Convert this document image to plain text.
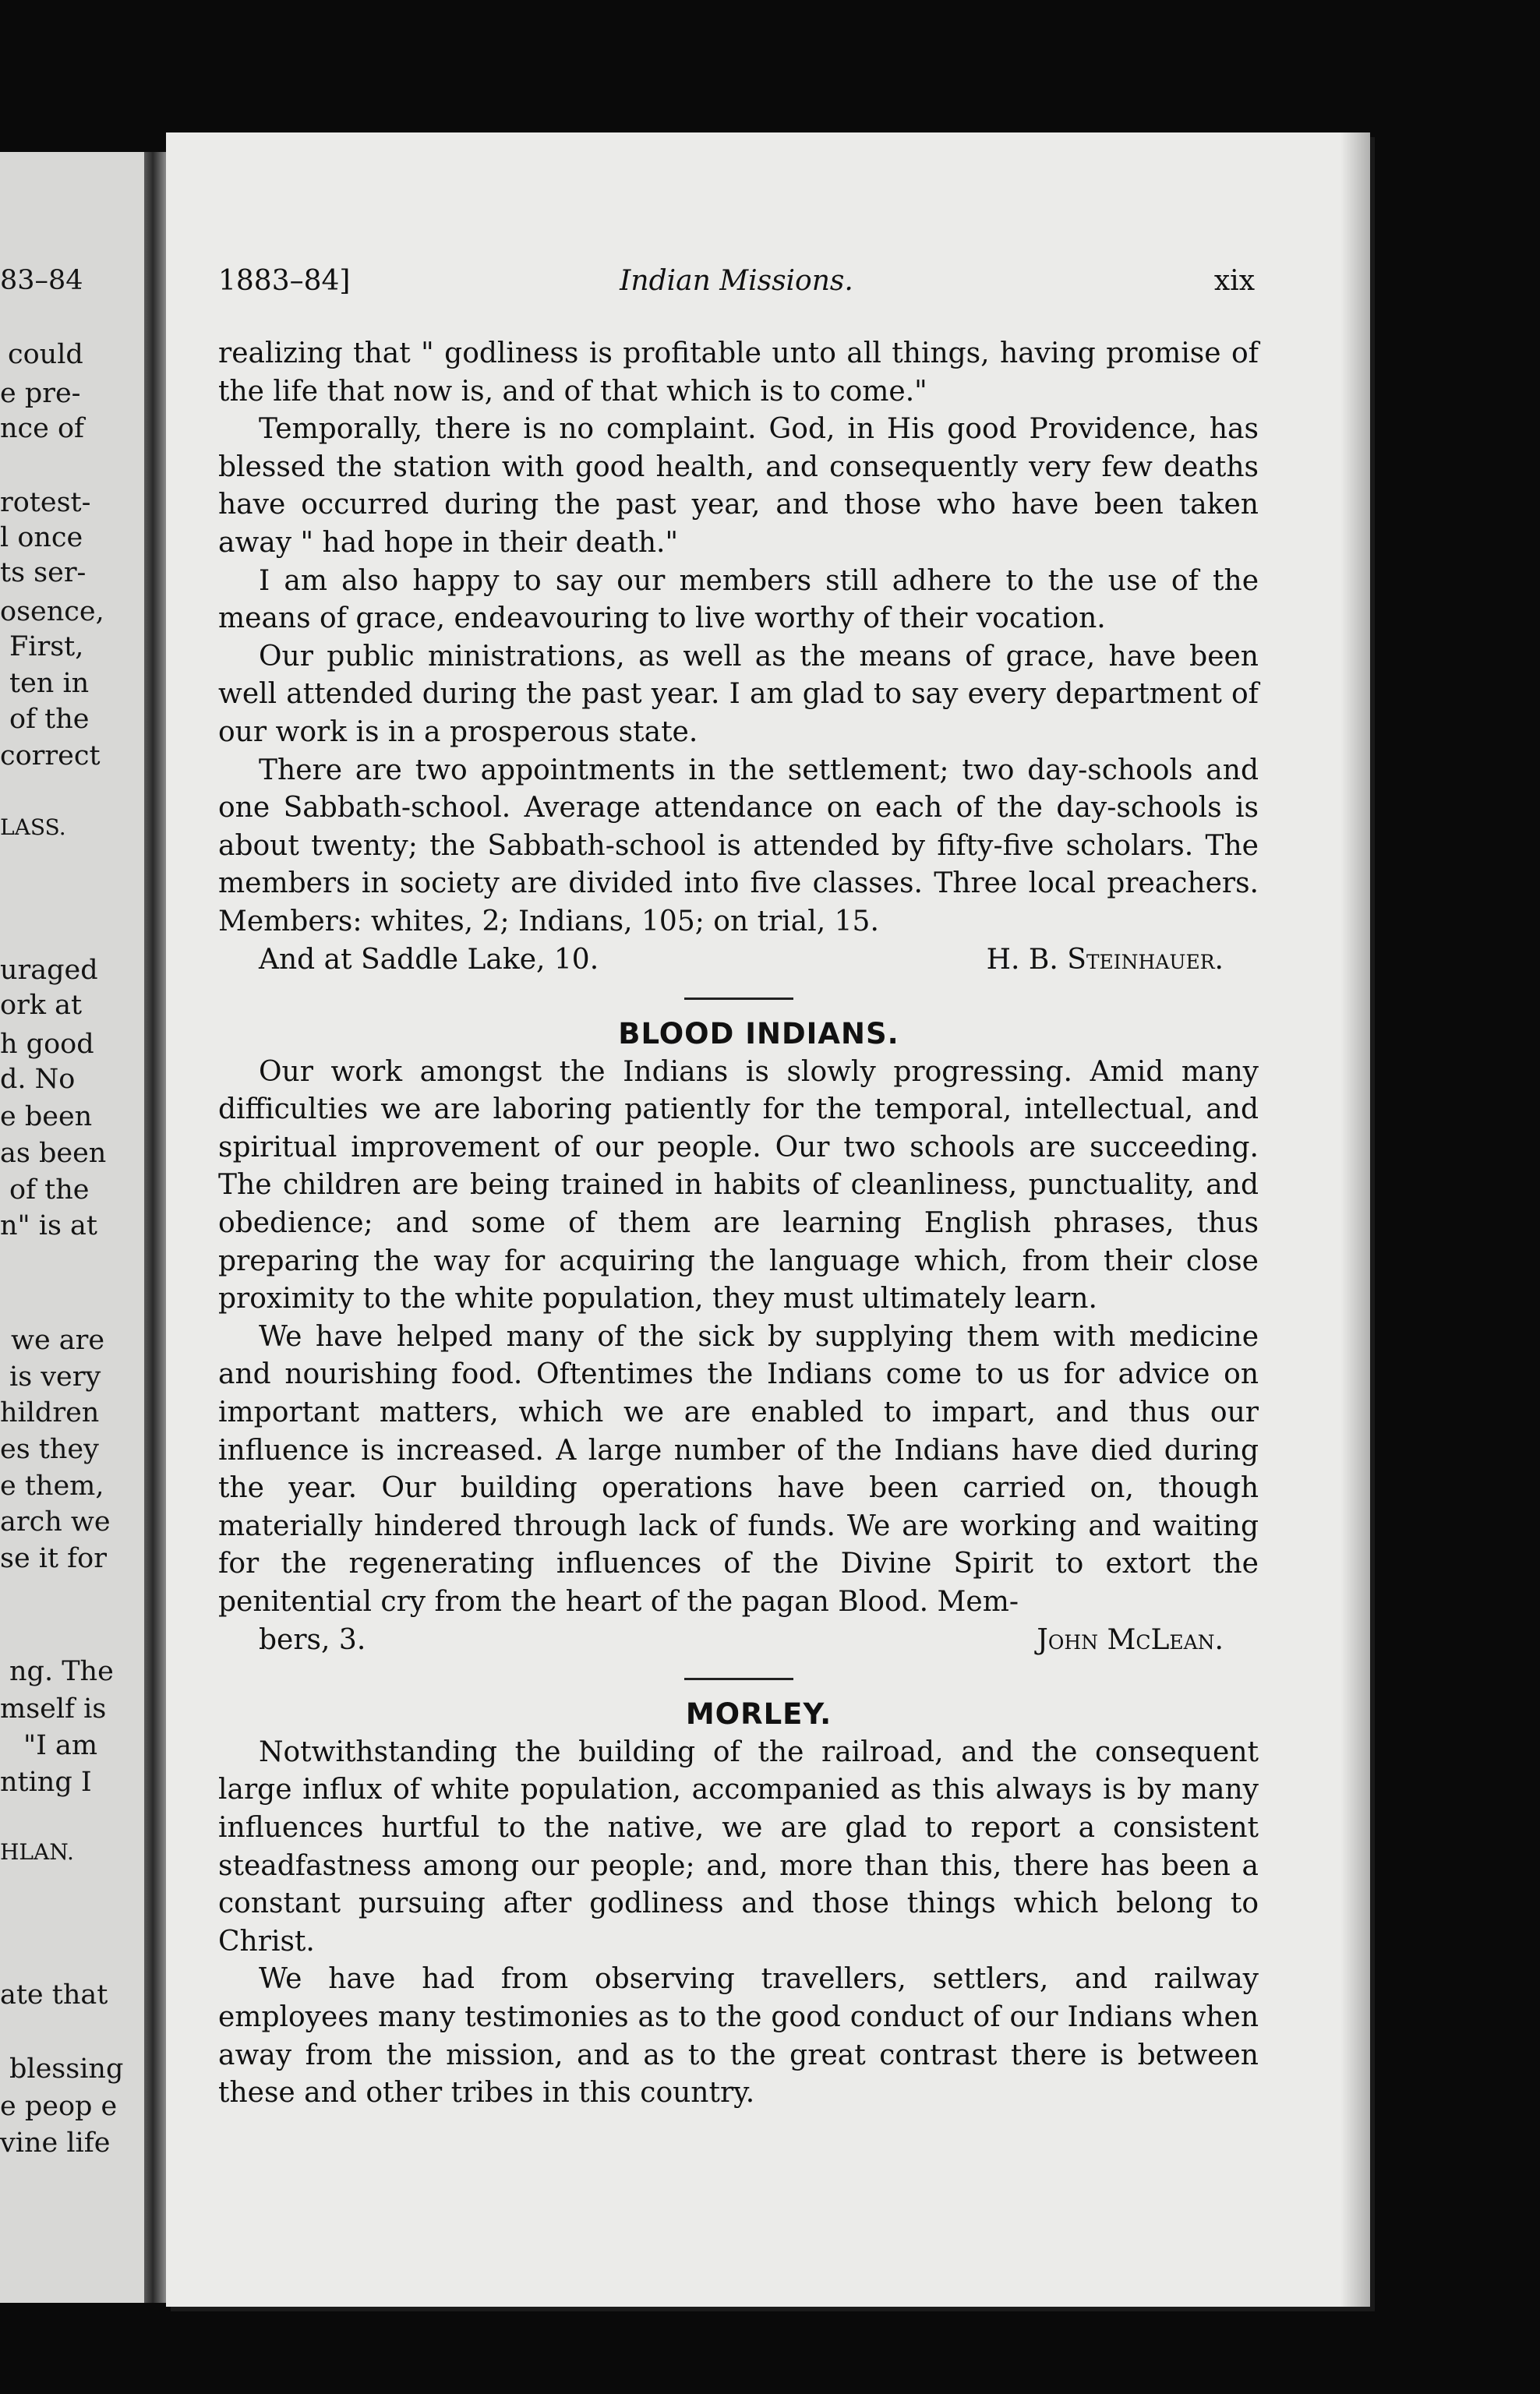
83–84
could
e pre-
nce of
rotest-
l once
ts ser-
osence,
First,
ten in
of the
correct
LASS.
uraged
ork at
h good
d. No
e been
as been
of the
n" is at
we are
is very
hildren
es they
e them,
arch we
se it for
ng. The
mself is
"I am
nting I
HLAN.
ate that
blessing
e peop e
vine life
1883–84]	Indian Missions.	xix

realizing that " godliness is profitable unto all things, having promise of the life that now is, and of that which is to come."

Temporally, there is no complaint. God, in His good Providence, has blessed the station with good health, and consequently very few deaths have occurred during the past year, and those who have been taken away " had hope in their death."

I am also happy to say our members still adhere to the use of the means of grace, endeavouring to live worthy of their vocation.

Our public ministrations, as well as the means of grace, have been well attended during the past year. I am glad to say every department of our work is in a prosperous state.

There are two appointments in the settlement; two day-schools and one Sabbath-school. Average attendance on each of the day-schools is about twenty; the Sabbath-school is attended by fifty-five scholars. The members in society are divided into five classes. Three local preachers. Members: whites, 2; Indians, 105; on trial, 15.

And at Saddle Lake, 10.	H. B. Steinhauer.

BLOOD INDIANS.

Our work amongst the Indians is slowly progressing. Amid many difficulties we are laboring patiently for the temporal, intellectual, and spiritual improvement of our people. Our two schools are succeeding. The children are being trained in habits of cleanliness, punctuality, and obedience; and some of them are learning English phrases, thus preparing the way for acquiring the language which, from their close proximity to the white population, they must ultimately learn.

We have helped many of the sick by supplying them with medicine and nourishing food. Oftentimes the Indians come to us for advice on important matters, which we are enabled to impart, and thus our influence is increased. A large number of the Indians have died during the year. Our building operations have been carried on, though materially hindered through lack of funds. We are working and waiting for the regenerating influences of the Divine Spirit to extort the penitential cry from the heart of the pagan Blood. Mem-

bers, 3.	John McLean.

MORLEY.

Notwithstanding the building of the railroad, and the consequent large influx of white population, accompanied as this always is by many influences hurtful to the native, we are glad to report a consistent steadfastness among our people; and, more than this, there has been a constant pursuing after godliness and those things which belong to Christ.

We have had from observing travellers, settlers, and railway employees many testimonies as to the good conduct of our Indians when away from the mission, and as to the great contrast there is between these and other tribes in this country.
